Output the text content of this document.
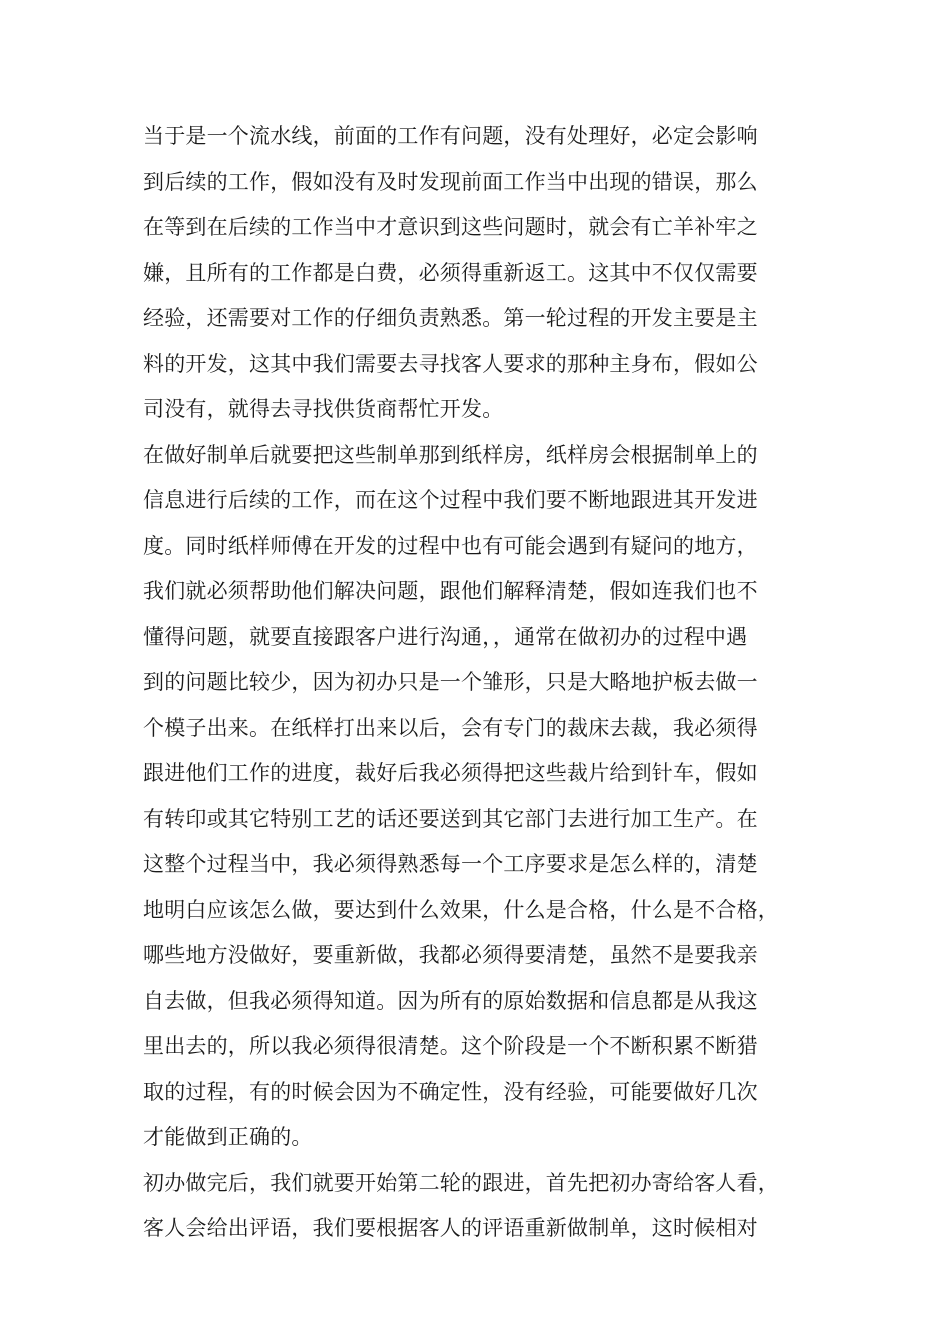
当于是一个流水线，前面的工作有问题，没有处理好，必定会影响
到后续的工作，假如没有及时发现前面工作当中出现的错误，那么
在等到在后续的工作当中才意识到这些问题时，就会有亡羊补牢之
嫌，且所有的工作都是白费，必须得重新返工。这其中不仅仅需要
经验，还需要对工作的仔细负责熟悉。第一轮过程的开发主要是主
料的开发，这其中我们需要去寻找客人要求的那种主身布，假如公
司没有，就得去寻找供货商帮忙开发。
在做好制单后就要把这些制单那到纸样房，纸样房会根据制单上的
信息进行后续的工作，而在这个过程中我们要不断地跟进其开发进
度。同时纸样师傅在开发的过程中也有可能会遇到有疑问的地方，
我们就必须帮助他们解决问题，跟他们解释清楚，假如连我们也不
懂得问题，就要直接跟客户进行沟通，，通常在做初办的过程中遇
到的问题比较少，因为初办只是一个雏形，只是大略地护板去做一
个模子出来。在纸样打出来以后，会有专门的裁床去裁，我必须得
跟进他们工作的进度，裁好后我必须得把这些裁片给到针车，假如
有转印或其它特别工艺的话还要送到其它部门去进行加工生产。在
这整个过程当中，我必须得熟悉每一个工序要求是怎么样的，清楚
地明白应该怎么做，要达到什么效果，什么是合格，什么是不合格，
哪些地方没做好，要重新做，我都必须得要清楚，虽然不是要我亲
自去做，但我必须得知道。因为所有的原始数据和信息都是从我这
里出去的，所以我必须得很清楚。这个阶段是一个不断积累不断猎
取的过程，有的时候会因为不确定性，没有经验，可能要做好几次
才能做到正确的。
初办做完后，我们就要开始第二轮的跟进，首先把初办寄给客人看，
客人会给出评语，我们要根据客人的评语重新做制单，这时候相对
